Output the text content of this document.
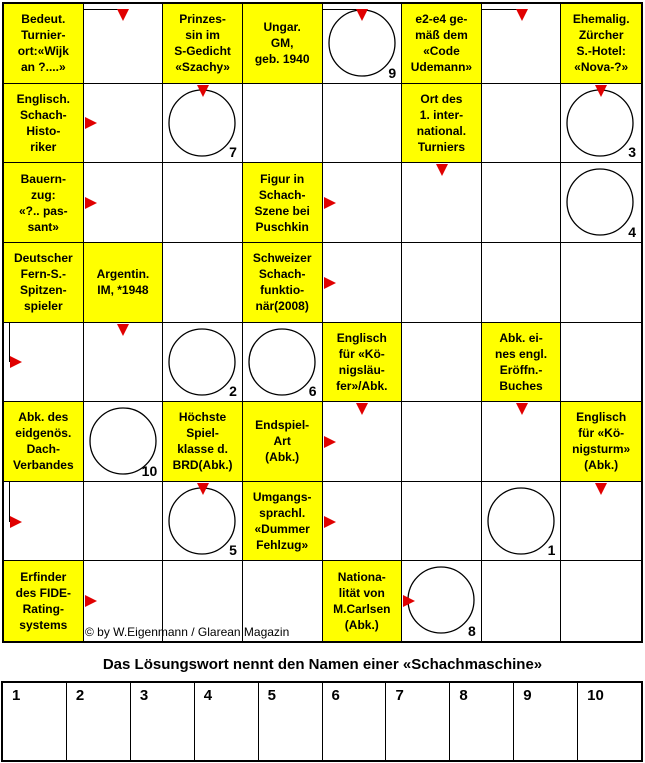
Bedeut.
Turnier-
ort:«Wijk
an ?....»
Prinzes-
sin im
S-Gedicht
«Szachy»
Ungar.
GM,
geb. 1940
9
e2-e4 ge-
mäß dem
«Code
Udemann»
Ehemalig.
Zürcher
S.-Hotel:
«Nova-?»
Englisch.
Schach-
Histo-
riker	7
Ort des
1. inter-
national.
Turniers	3
Bauern-
zug:
«?.. pas-
sant»
Figur in
Schach-
Szene bei
Puschkin	4
Deutscher
Fern-S.-
Spitzen-
spieler
Argentin.
IM, *1948
Schweizer
Schach-
funktio-
när(2008)
2	6
Englisch
für «Kö-
nigsläu-
fer»/Abk.
Abk. ei-
nes engl.
Eröffn.-
Buches
Abk. des
eidgenös.
Dach-
Verbandes	10
Höchste
Spiel-
klasse d.
BRD(Abk.)
Endspiel-
Art
(Abk.)
Englisch
für «Kö-
nigsturm»
(Abk.)
5
Umgangs-
sprachl.
«Dummer
Fehlzug»	1
Erfinder
des FIDE-
Rating-
systems
Nationa-
lität von
M.Carlsen
(Abk.)	8
© by W.Eigenmann / Glarean Magazin
Das Lösungswort nennt den Namen einer «Schachmaschine»
1	2	3	4	5	6	7	8	9	10
